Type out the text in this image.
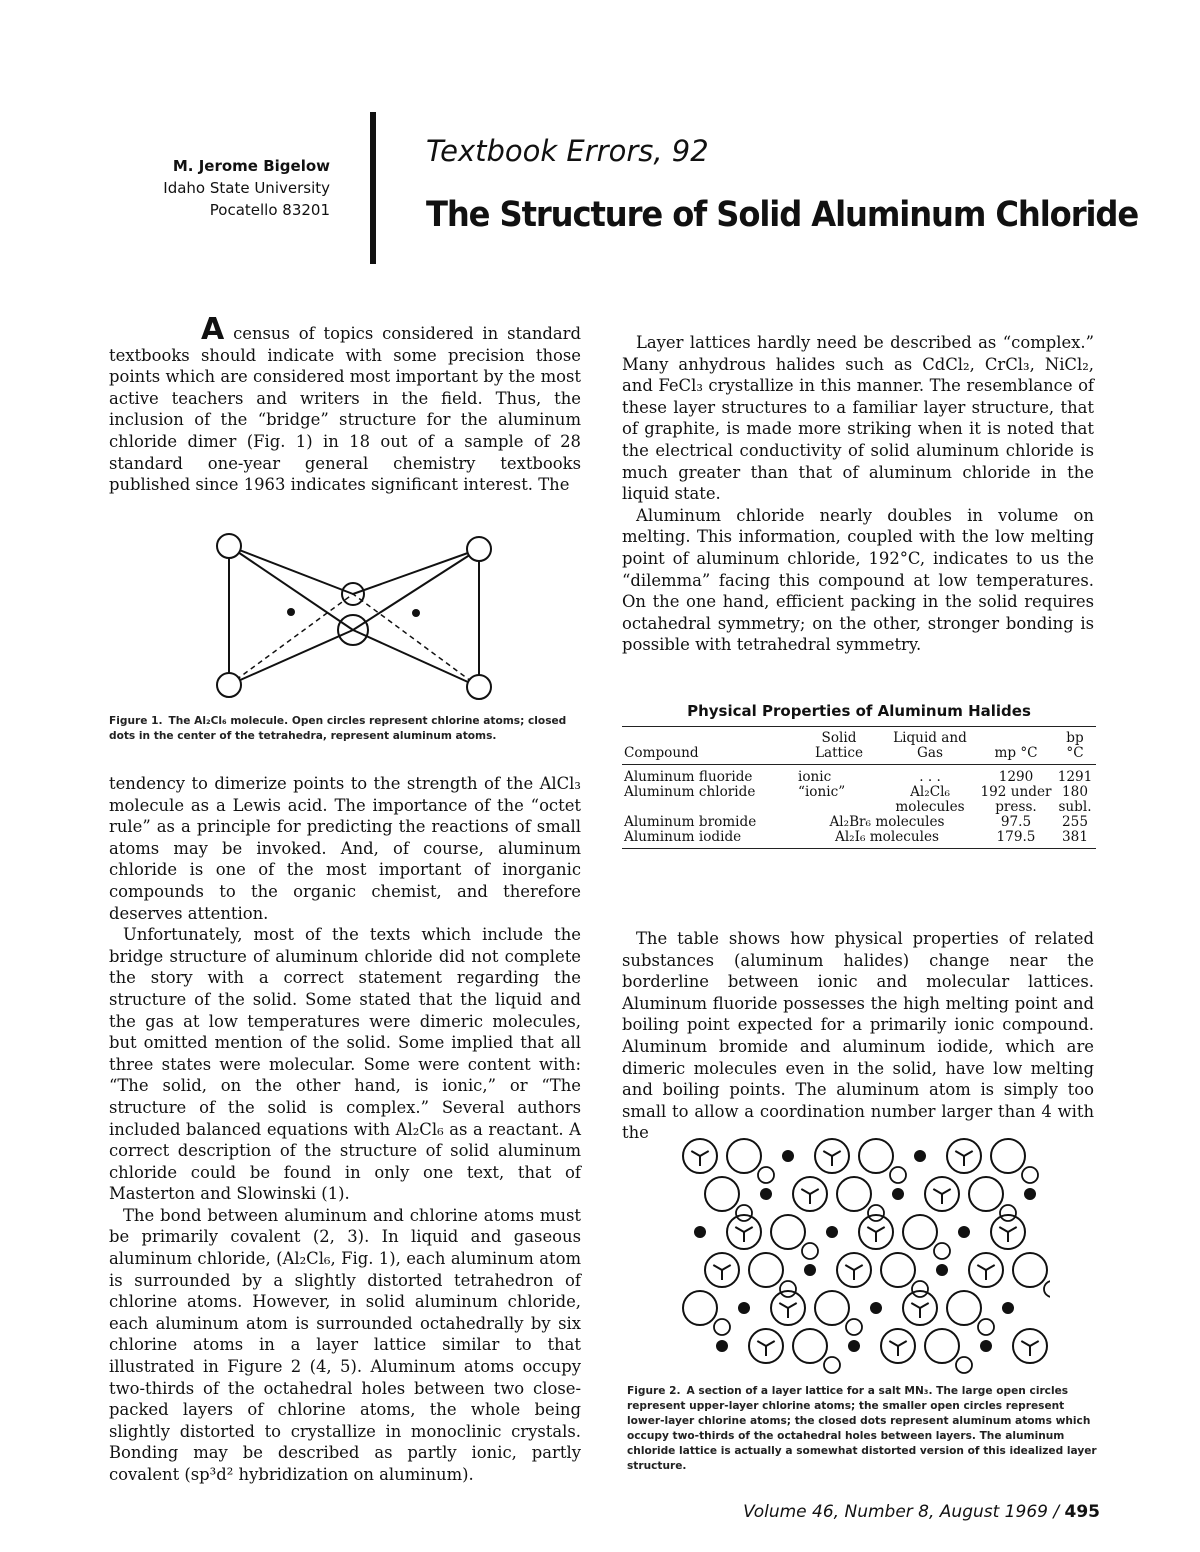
M. Jerome Bigelow
Idaho State University
Pocatello 83201
Textbook Errors, 92
The Structure of Solid Aluminum Chloride

A census of topics considered in standard textbooks should indicate with some precision those points which are considered most important by the most active teachers and writers in the field. Thus, the inclusion of the “bridge” structure for the aluminum chloride dimer (Fig. 1) in 18 out of a sample of 28 standard one-year general chemistry textbooks published since 1963 indicates significant interest. The

Figure 1. The Al₂Cl₆ molecule. Open circles represent chlorine atoms; closed dots in the center of the tetrahedra, represent aluminum atoms.

tendency to dimerize points to the strength of the AlCl₃ molecule as a Lewis acid. The importance of the “octet rule” as a principle for predicting the reactions of small atoms may be invoked. And, of course, aluminum chloride is one of the most important of inorganic compounds to the organic chemist, and therefore deserves attention.

Unfortunately, most of the texts which include the bridge structure of aluminum chloride did not complete the story with a correct statement regarding the structure of the solid. Some stated that the liquid and the gas at low temperatures were dimeric molecules, but omitted mention of the solid. Some implied that all three states were molecular. Some were content with: “The solid, on the other hand, is ionic,” or “The structure of the solid is complex.” Several authors included balanced equations with Al₂Cl₆ as a reactant. A correct description of the structure of solid aluminum chloride could be found in only one text, that of Masterton and Slowinski (1).

The bond between aluminum and chlorine atoms must be primarily covalent (2, 3). In liquid and gaseous aluminum chloride, (Al₂Cl₆, Fig. 1), each aluminum atom is surrounded by a slightly distorted tetrahedron of chlorine atoms. However, in solid aluminum chloride, each aluminum atom is surrounded octahedrally by six chlorine atoms in a layer lattice similar to that illustrated in Figure 2 (4, 5). Aluminum atoms occupy two-thirds of the octahedral holes between two close-packed layers of chlorine atoms, the whole being slightly distorted to crystallize in monoclinic crystals. Bonding may be described as partly ionic, partly covalent (sp³d² hybridization on aluminum).

Layer lattices hardly need be described as “complex.” Many anhydrous halides such as CdCl₂, CrCl₃, NiCl₂, and FeCl₃ crystallize in this manner. The resemblance of these layer structures to a familiar layer structure, that of graphite, is made more striking when it is noted that the electrical conductivity of solid aluminum chloride is much greater than that of aluminum chloride in the liquid state.

Aluminum chloride nearly doubles in volume on melting. This information, coupled with the low melting point of aluminum chloride, 192°C, indicates to us the “dilemma” facing this compound at low temperatures. On the one hand, efficient packing in the solid requires octahedral symmetry; on the other, stronger bonding is possible with tetrahedral symmetry.

Physical Properties of Aluminum Halides
Compound	Solid Lattice	Liquid and Gas	mp °C	bp °C
Aluminum fluoride	ionic	. . .	1290	1291
Aluminum chloride	“ionic”	Al₂Cl₆ molecules	192 under press.	180 subl.
Aluminum bromide	Al₂Br₆ molecules		97.5	255
Aluminum iodide	Al₂I₆ molecules		179.5	381

The table shows how physical properties of related substances (aluminum halides) change near the borderline between ionic and molecular lattices. Aluminum fluoride possesses the high melting point and boiling point expected for a primarily ionic compound. Aluminum bromide and aluminum iodide, which are dimeric molecules even in the solid, have low melting and boiling points. The aluminum atom is simply too small to allow a coordination number larger than 4 with the

Figure 2. A section of a layer lattice for a salt MN₃. The large open circles represent upper-layer chlorine atoms; the smaller open circles represent lower-layer chlorine atoms; the closed dots represent aluminum atoms which occupy two-thirds of the octahedral holes between layers. The aluminum chloride lattice is actually a somewhat distorted version of this idealized layer structure.
Volume 46, Number 8, August 1969 / 495
